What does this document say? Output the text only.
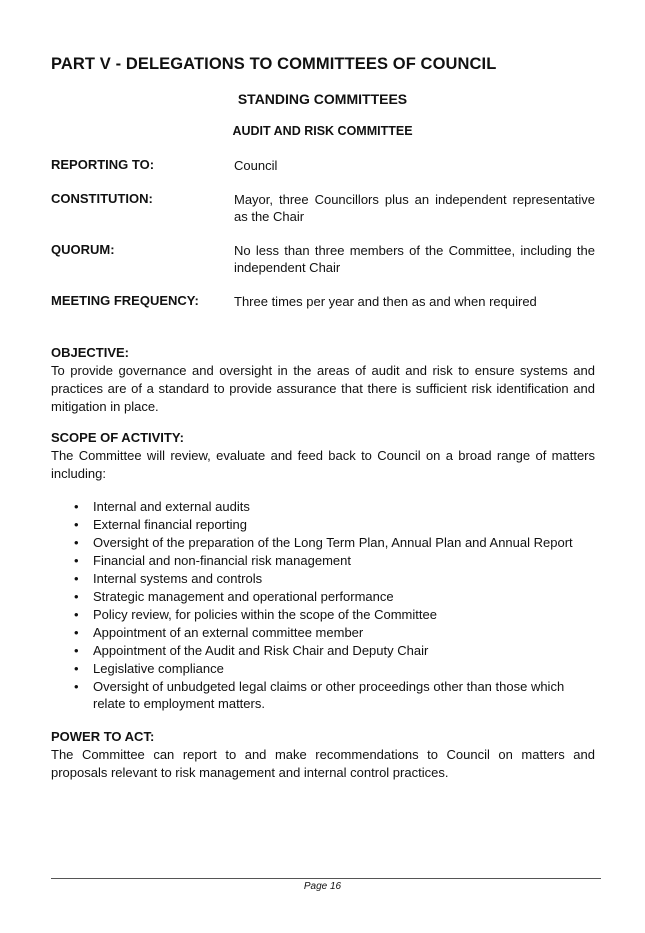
PART V - DELEGATIONS TO COMMITTEES OF COUNCIL
STANDING COMMITTEES
AUDIT AND RISK COMMITTEE
REPORTING TO:	Council
CONSTITUTION:	Mayor, three Councillors plus an independent representative as the Chair
QUORUM:	No less than three members of the Committee, including the independent Chair
MEETING FREQUENCY:	Three times per year and then as and when required
OBJECTIVE:
To provide governance and oversight in the areas of audit and risk to ensure systems and practices are of a standard to provide assurance that there is sufficient risk identification and mitigation in place.
SCOPE OF ACTIVITY:
The Committee will review, evaluate and feed back to Council on a broad range of matters including:
• Internal and external audits
• External financial reporting
• Oversight of the preparation of the Long Term Plan, Annual Plan and Annual Report
• Financial and non-financial risk management
• Internal systems and controls
• Strategic management and operational performance
• Policy review, for policies within the scope of the Committee
• Appointment of an external committee member
• Appointment of the Audit and Risk Chair and Deputy Chair
• Legislative compliance
• Oversight of unbudgeted legal claims or other proceedings other than those which relate to employment matters.
POWER TO ACT:
The Committee can report to and make recommendations to Council on matters and proposals relevant to risk management and internal control practices.
Page 16
